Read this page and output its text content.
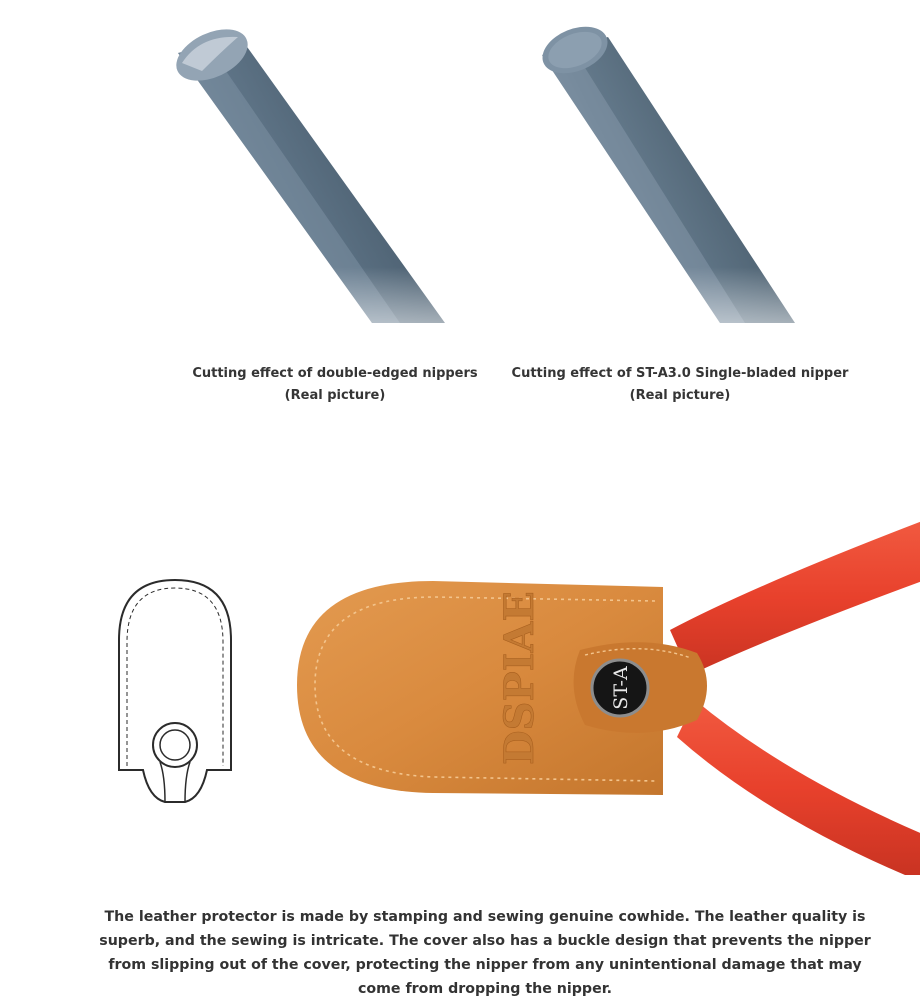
Cutting effect of double-edged nippers
(Real picture)
Cutting effect of ST-A3.0 Single-bladed nipper
(Real picture)
DSPIAE	ST-A

The leather protector is made by stamping and sewing genuine cowhide. The leather quality is superb, and the sewing is intricate. The cover also has a buckle design that prevents the nipper from slipping out of the cover, protecting the nipper from any unintentional damage that may come from dropping the nipper.
